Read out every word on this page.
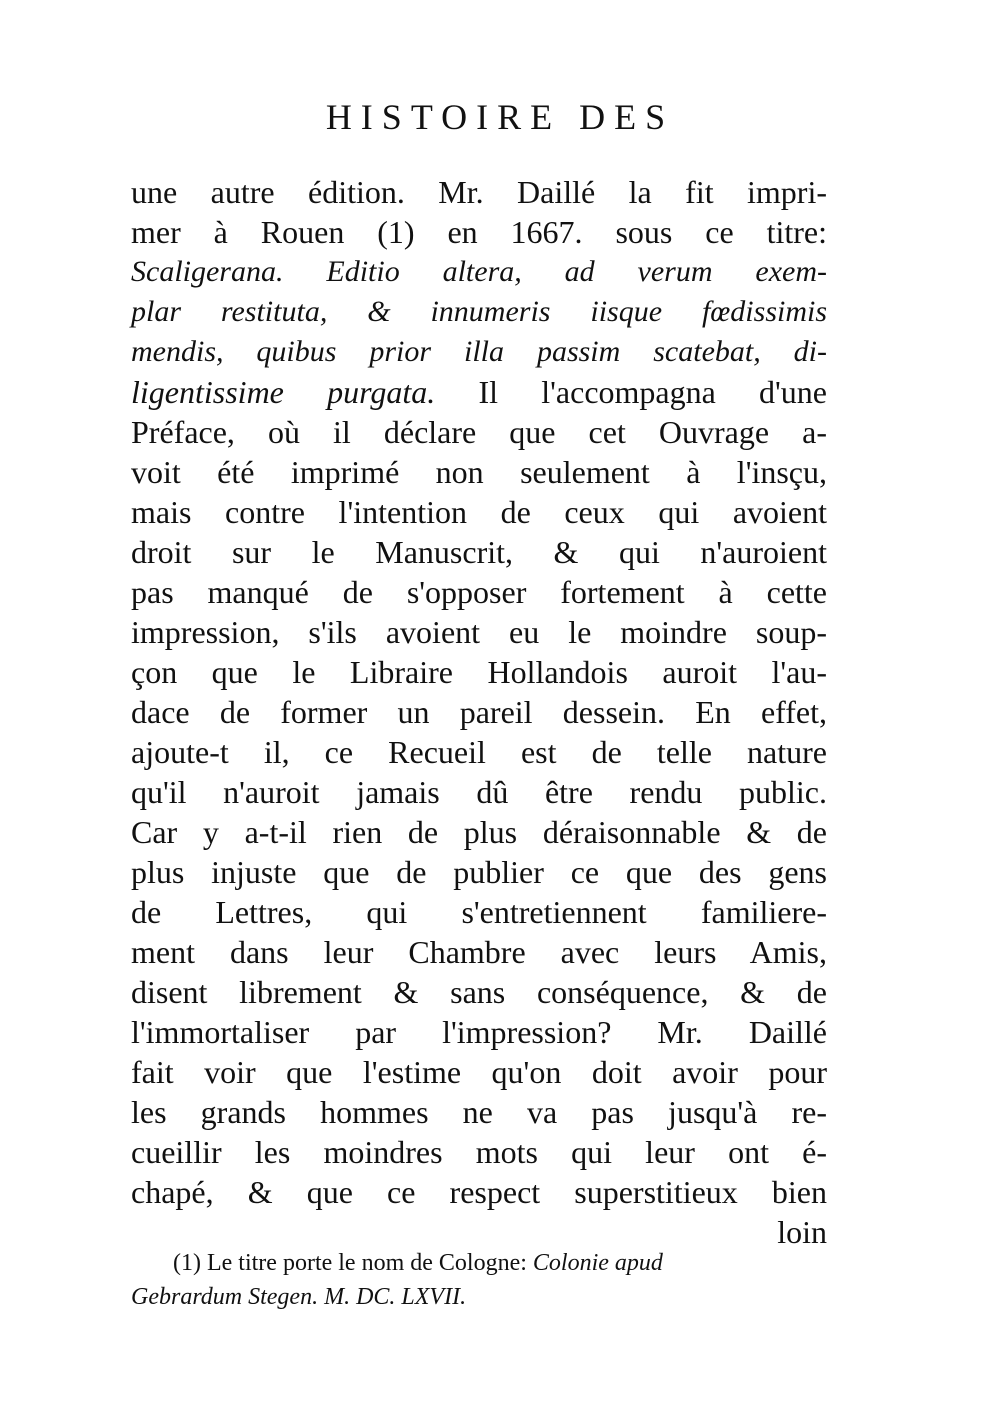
HISTOIRE DES
une autre édition. Mr. Daillé la fit impri-
mer à Rouen (1) en 1667. sous ce titre:
Scaligerana. Editio altera, ad verum exem-
plar restituta, & innumeris iisque fœdissimis
mendis, quibus prior illa passim scatebat, di-
ligentissime purgata. Il l'accompagna d'une
Préface, où il déclare que cet Ouvrage a-
voit été imprimé non seulement à l'insçu,
mais contre l'intention de ceux qui avoient
droit sur le Manuscrit, & qui n'auroient
pas manqué de s'opposer fortement à cette
impression, s'ils avoient eu le moindre soup-
çon que le Libraire Hollandois auroit l'au-
dace de former un pareil dessein. En effet,
ajoute-t il, ce Recueil est de telle nature
qu'il n'auroit jamais dû être rendu public.
Car y a-t-il rien de plus déraisonnable & de
plus injuste que de publier ce que des gens
de Lettres, qui s'entretiennent familiere-
ment dans leur Chambre avec leurs Amis,
disent librement & sans conséquence, & de
l'immortaliser par l'impression? Mr. Daillé
fait voir que l'estime qu'on doit avoir pour
les grands hommes ne va pas jusqu'à re-
cueillir les moindres mots qui leur ont é-
chapé, & que ce respect superstitieux bien
loin
(1) Le titre porte le nom de Cologne: Colonie apud
Gebrardum Stegen. M. DC. LXVII.
